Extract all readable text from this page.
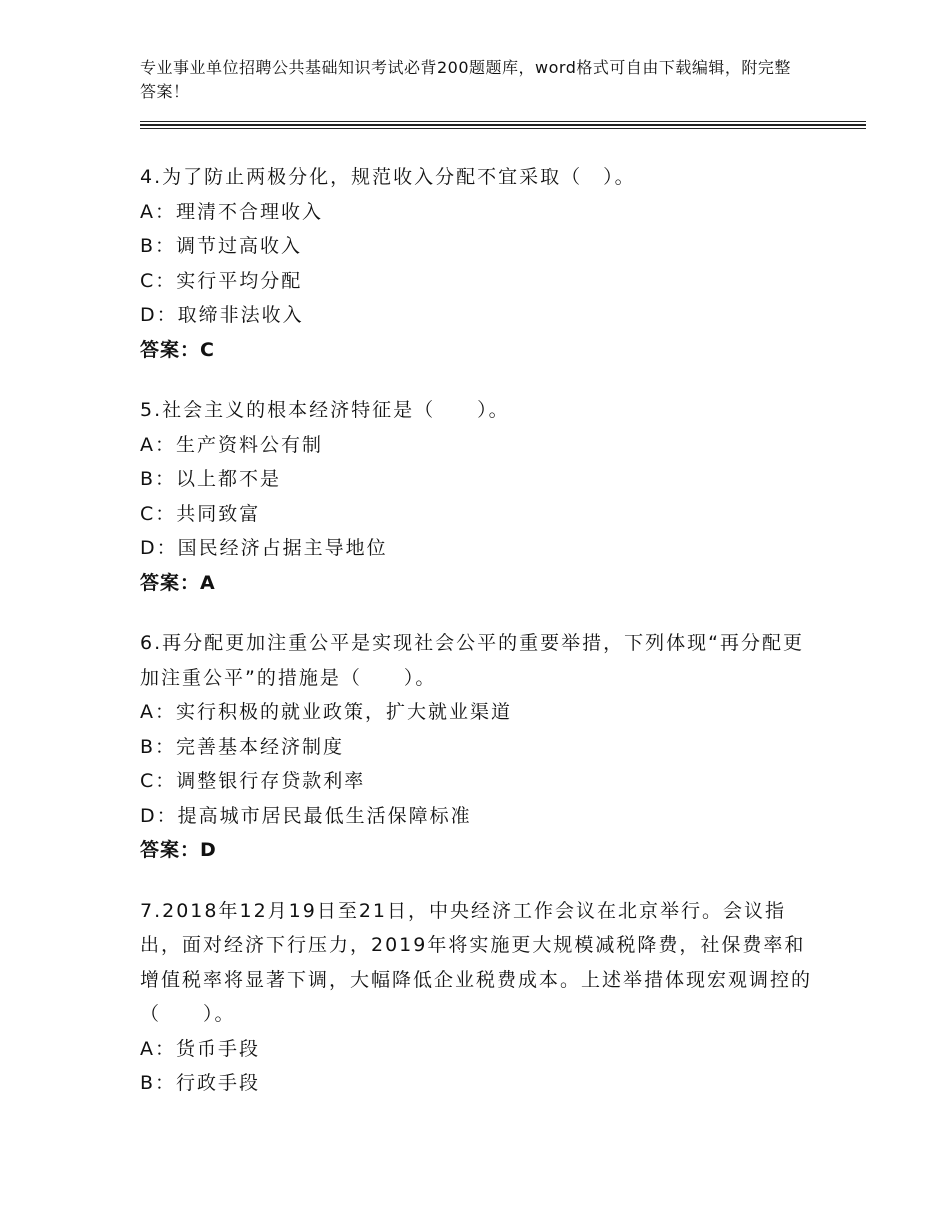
专业事业单位招聘公共基础知识考试必背200题题库，word格式可自由下载编辑，附完整答案！
4.为了防止两极分化，规范收入分配不宜采取（　）。
A：理清不合理收入
B：调节过高收入
C：实行平均分配
D：取缔非法收入
答案：C
5.社会主义的根本经济特征是（　　）。
A：生产资料公有制
B：以上都不是
C：共同致富
D：国民经济占据主导地位
答案：A
6.再分配更加注重公平是实现社会公平的重要举措，下列体现“再分配更加注重公平”的措施是（　　）。
A：实行积极的就业政策，扩大就业渠道
B：完善基本经济制度
C：调整银行存贷款利率
D：提高城市居民最低生活保障标准
答案：D
7.2018年12月19日至21日，中央经济工作会议在北京举行。会议指出，面对经济下行压力，2019年将实施更大规模减税降费，社保费率和增值税率将显著下调，大幅降低企业税费成本。上述举措体现宏观调控的（　　）。
A：货币手段
B：行政手段
